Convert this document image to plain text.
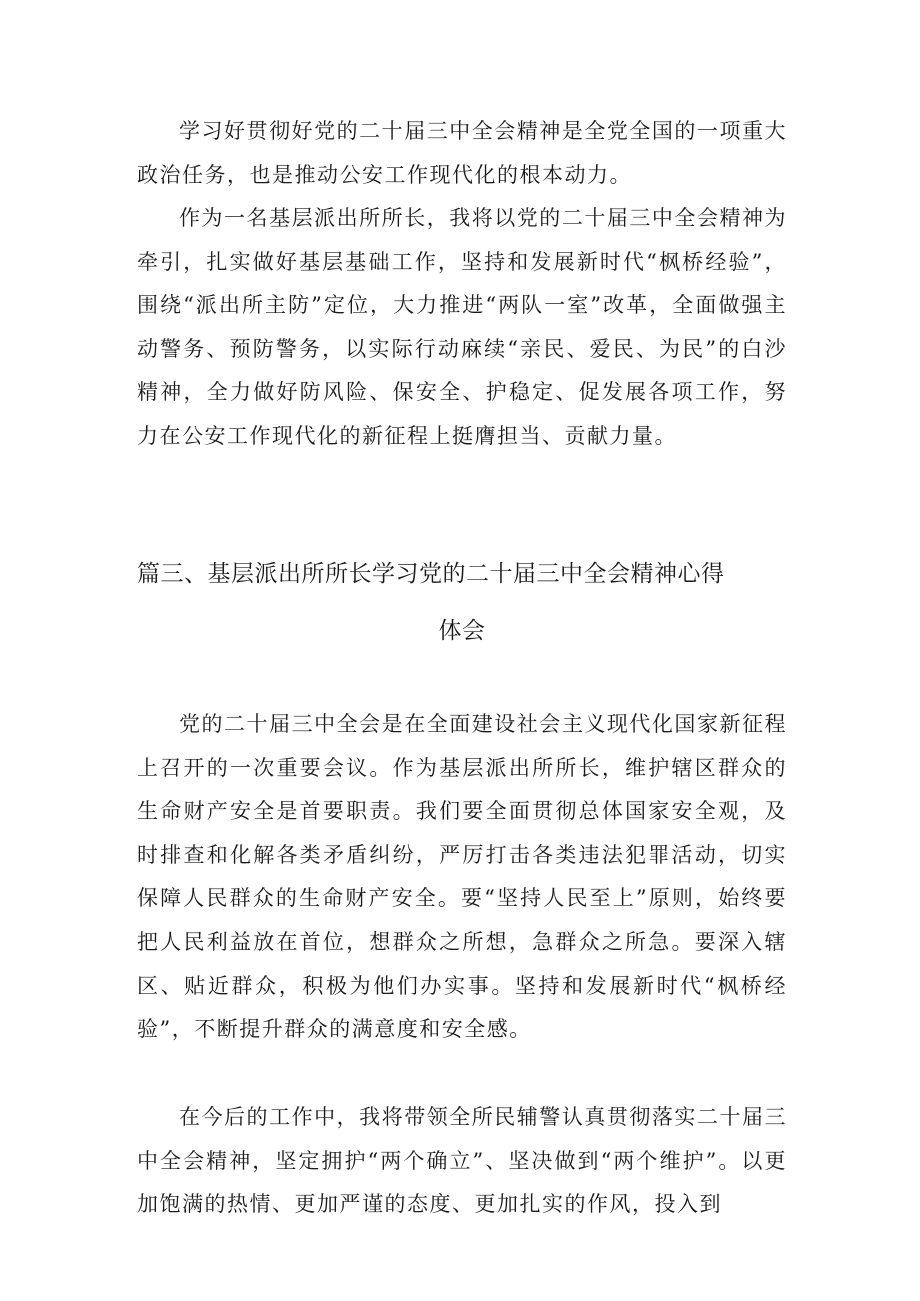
学习好贯彻好党的二十届三中全会精神是全党全国的一项重大政治任务，也是推动公安工作现代化的根本动力。

作为一名基层派出所所长，我将以党的二十届三中全会精神为牵引，扎实做好基层基础工作，坚持和发展新时代“枫桥经验”，围绕“派出所主防”定位，大力推进“两队一室”改革，全面做强主动警务、预防警务，以实际行动麻续“亲民、爱民、为民”的白沙精神，全力做好防风险、保安全、护稳定、促发展各项工作，努力在公安工作现代化的新征程上挺膺担当、贡献力量。

篇三、基层派出所所长学习党的二十届三中全会精神心得
体会

党的二十届三中全会是在全面建设社会主义现代化国家新征程上召开的一次重要会议。作为基层派出所所长，维护辖区群众的生命财产安全是首要职责。我们要全面贯彻总体国家安全观，及时排查和化解各类矛盾纠纷，严厉打击各类违法犯罪活动，切实保障人民群众的生命财产安全。要“坚持人民至上”原则，始终要把人民利益放在首位，想群众之所想，急群众之所急。要深入辖区、贴近群众，积极为他们办实事。坚持和发展新时代“枫桥经验”，不断提升群众的满意度和安全感。

在今后的工作中，我将带领全所民辅警认真贯彻落实二十届三中全会精神，坚定拥护“两个确立”、坚决做到“两个维护”。以更加饱满的热情、更加严谨的态度、更加扎实的作风，投入到
